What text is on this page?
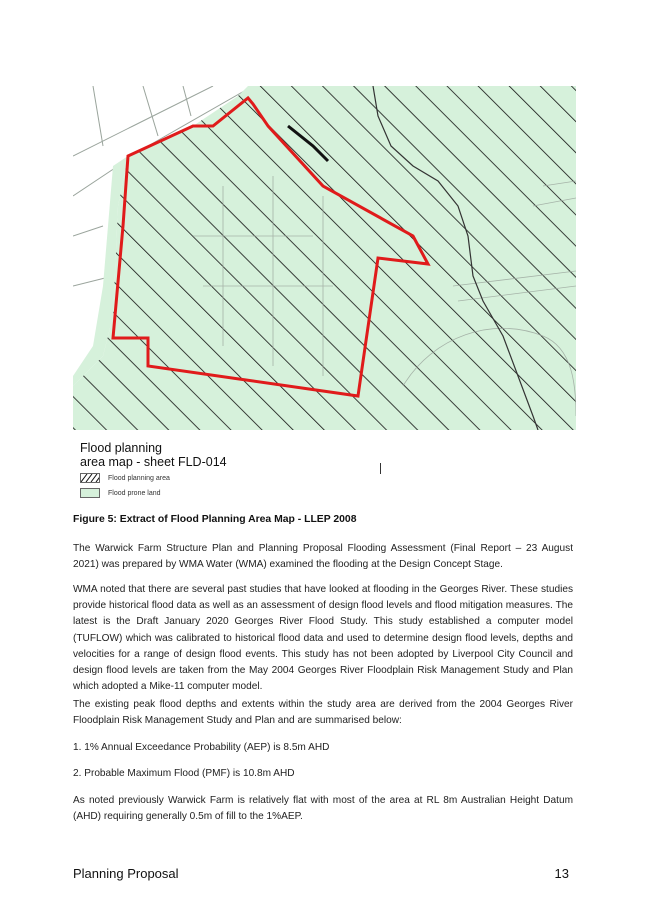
Flood planning
area map - sheet FLD-014
Flood planning area
Flood prone land
Figure 5: Extract of Flood Planning Area Map - LLEP 2008

The Warwick Farm Structure Plan and Planning Proposal Flooding Assessment (Final Report – 23 August 2021) was prepared by WMA Water (WMA) examined the flooding at the Design Concept Stage.

WMA noted that there are several past studies that have looked at flooding in the Georges River. These studies provide historical flood data as well as an assessment of design flood levels and flood mitigation measures. The latest is the Draft January 2020 Georges River Flood Study. This study established a computer model (TUFLOW) which was calibrated to historical flood data and used to determine design flood levels, depths and velocities for a range of design flood events. This study has not been adopted by Liverpool City Council and design flood levels are taken from the May 2004 Georges River Floodplain Risk Management Study and Plan which adopted a Mike-11 computer model.

The existing peak flood depths and extents within the study area are derived from the 2004 Georges River Floodplain Risk Management Study and Plan and are summarised below:

1. 1% Annual Exceedance Probability (AEP) is 8.5m AHD

2. Probable Maximum Flood (PMF) is 10.8m AHD

As noted previously Warwick Farm is relatively flat with most of the area at RL 8m Australian Height Datum (AHD) requiring generally 0.5m of fill to the 1%AEP.

Planning Proposal	13
